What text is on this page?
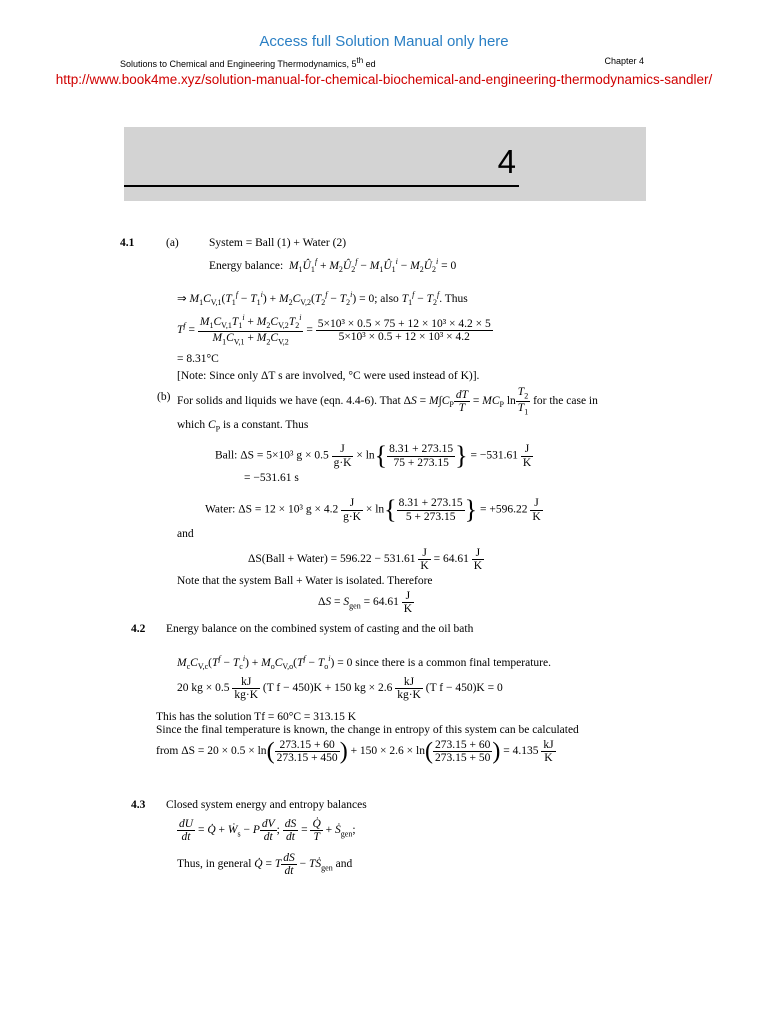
Access full Solution Manual only here
Solutions to Chemical and Engineering Thermodynamics, 5th ed	Chapter 4
http://www.book4me.xyz/solution-manual-for-chemical-biochemical-and-engineering-thermodynamics-sandler/
4
4.1	(a)	System = Ball (1) + Water (2)
Energy balance: $M_1Û_1^f$ + $M_2Û_2^f$ − $M_1Û_1^i$ − $M_2Û_2^i = 0$
⇒ $M_1C_{V,1}(T_1^f - T_1^i) + M_2C_{V,2}(T_2^f - T_2^i) = 0$; also $T_1^f - T_2^f$. Thus
$T^f = \frac{M_1C_{V,1}T_1^i + M_2C_{V,2}T_2^i}{M_1C_{V,1} + M_2C_{V,2}} = \frac{\text{5×10³ × 0.5 × 75 + 12 × 10³ × 4.2 × 5}}{\text{5×10³ × 0.5 + 12 × 10³ × 4.2}}$
= 8.31°C
[Note: Since only ΔT s are involved, °C were used instead of K)].
(b) For solids and liquids we have (eqn. 4.4-6). That $\Delta S = M\int C_P \frac{dT}{T} = MC_P$ $\ln \frac{T_2}{T_1}$ for the case in
which $C_P$ is a constant. Thus
Ball: ΔS = 5×10³ $g \times 0.5 \frac{J}{g\cdot K} \times \ln\{ \frac{8.31 + 273.15}{75 + 273.15}$ } = $-531.61 \frac{J}{K}$
= −531.61 s
Water: ΔS = 12 × 10³ $g \times 4.2 \frac{J}{g\cdot K} \times \ln\{ \frac{8.31 + 273.15}{5 + 273.15}$ } = $+596.22 \frac{J}{K}$
and
ΔS(Ball + Water) = $596.22 - 531.61 \frac{J}{K} = 64.61 \frac{J}{K}$
Note that the system Ball + Water is isolated. Therefore
$\Delta S = S_{gen} = 64.61 \frac{J}{K}$
4.2 Energy balance on the combined system of casting and the oil bath
$M_cC_{V,c}(T^f - T_c^i) + M_oC_{V,o}(T^f - T_o^i) = 0$ since there is a common final temperature.
20 kg × $0.5 \frac{kJ}{kg\cdot K} (T$ f − 450)K + 150 kg × $2.6 \frac{kJ}{kg\cdot K} (T$ f − 450)K = 0
This has the solution Tf = 60°C = 313.15 K
Since the final temperature is known, the change in entropy of this system can be calculated
from $\Delta S = 20 \times 0.5 \times \ln( \frac{273.15 + 60}{273.15 + 450}$ ) + $150 \times 2.6 \times \ln( \frac{273.15 + 60}{273.15 + 50}$ ) = $4.135 \frac{kJ}{K}$
4.3 Closed system energy and entropy balances
$\frac{dU}{dt}$ = Q̇ + Ẇ$_s$ − P $\frac{dV}{dt}$ ; $\frac{dS}{dt} = \frac{Q̇}{T}$ + Ṡ$_{gen}$;
Thus, in general Q̇ = T $\frac{dS}{dt}$ − TṠ$_{gen}$ and
